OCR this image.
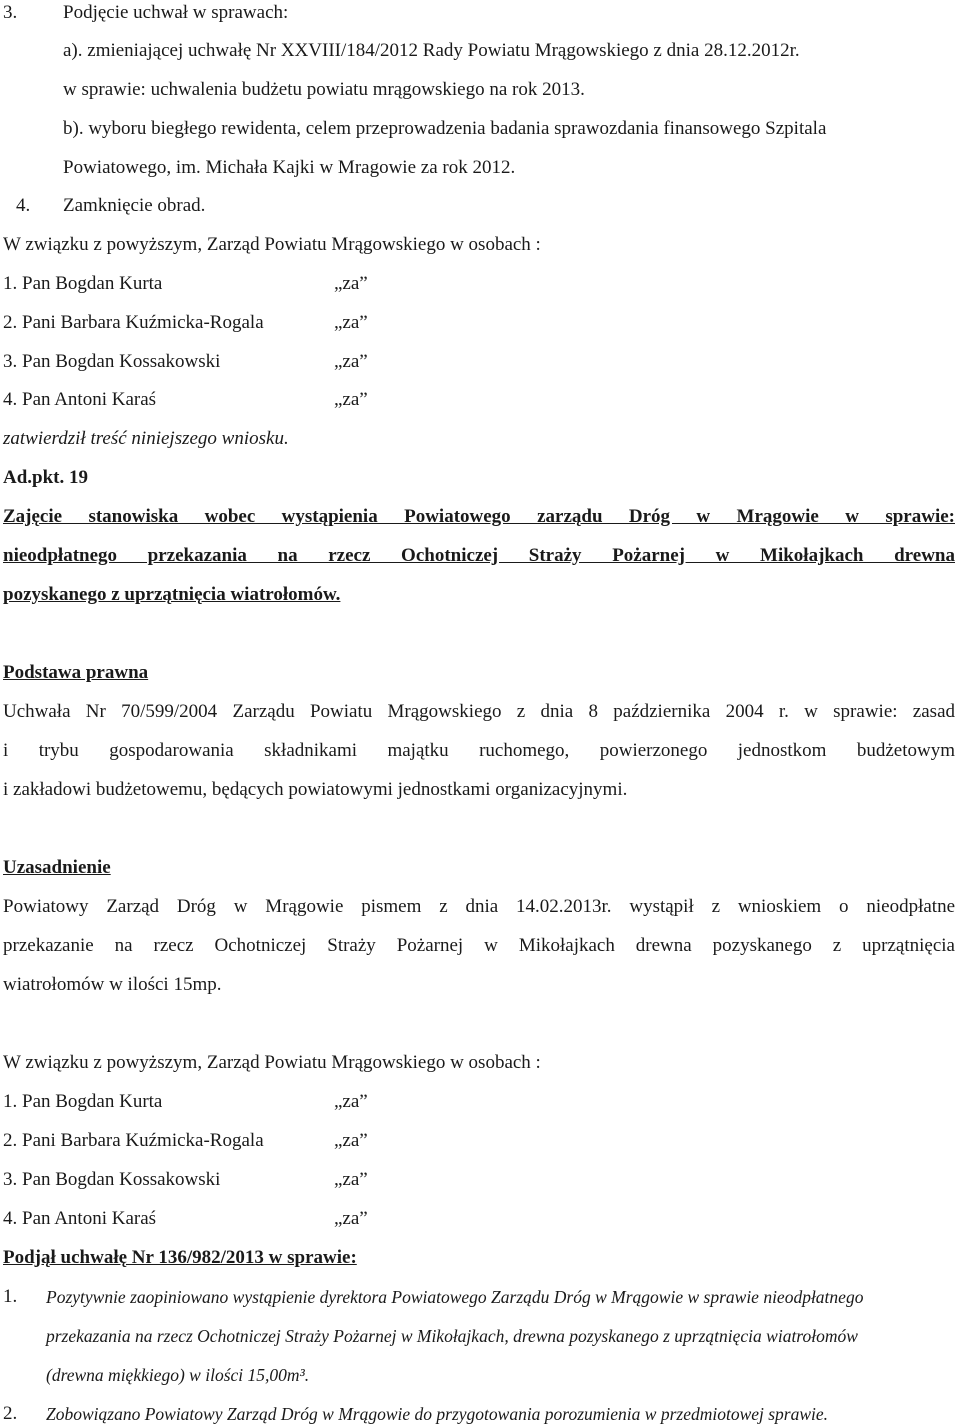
3. Podjęcie uchwał w sprawach:
a). zmieniającej uchwałę Nr XXVIII/184/2012 Rady Powiatu Mrągowskiego z dnia 28.12.2012r.
w sprawie: uchwalenia budżetu powiatu mrągowskiego na rok 2013.
b). wyboru biegłego rewidenta, celem przeprowadzenia badania sprawozdania finansowego Szpitala
Powiatowego, im. Michała Kajki w Mragowie za rok 2012.
4. Zamknięcie obrad.
W związku z powyższym, Zarząd Powiatu Mrągowskiego w osobach :
1. Pan Bogdan Kurta	„za”
2. Pani Barbara Kuźmicka-Rogala	„za”
3. Pan Bogdan Kossakowski	„za”
4. Pan Antoni Karaś	„za”
zatwierdził treść niniejszego wniosku.
Ad.pkt. 19
Zajęcie stanowiska wobec wystąpienia Powiatowego zarządu Dróg w Mrągowie w sprawie:
nieodpłatnego przekazania na rzecz Ochotniczej Straży Pożarnej w Mikołajkach drewna
pozyskanego z uprzątnięcia wiatrołomów.
Podstawa prawna
Uchwała Nr 70/599/2004 Zarządu Powiatu Mrągowskiego z dnia 8 października 2004 r. w sprawie: zasad
i trybu gospodarowania składnikami majątku ruchomego, powierzonego jednostkom budżetowym
i zakładowi budżetowemu, będących powiatowymi jednostkami organizacyjnymi.
Uzasadnienie
Powiatowy Zarząd Dróg w Mrągowie pismem z dnia 14.02.2013r. wystąpił z wnioskiem o nieodpłatne
przekazanie na rzecz Ochotniczej Straży Pożarnej w Mikołajkach drewna pozyskanego z uprzątnięcia
wiatrołomów w ilości 15mp.
W związku z powyższym, Zarząd Powiatu Mrągowskiego w osobach :
1. Pan Bogdan Kurta	„za”
2. Pani Barbara Kuźmicka-Rogala	„za”
3. Pan Bogdan Kossakowski	„za”
4. Pan Antoni Karaś	„za”
Podjął uchwałę Nr 136/982/2013 w sprawie:
1. Pozytywnie zaopiniowano wystąpienie dyrektora Powiatowego Zarządu Dróg w Mrągowie w sprawie nieodpłatnego
przekazania na rzecz Ochotniczej Straży Pożarnej w Mikołajkach, drewna pozyskanego z uprzątnięcia wiatrołomów
(drewna miękkiego) w ilości 15,00m³.
2. Zobowiązano Powiatowy Zarząd Dróg w Mrągowie do przygotowania porozumienia w przedmiotowej sprawie.
